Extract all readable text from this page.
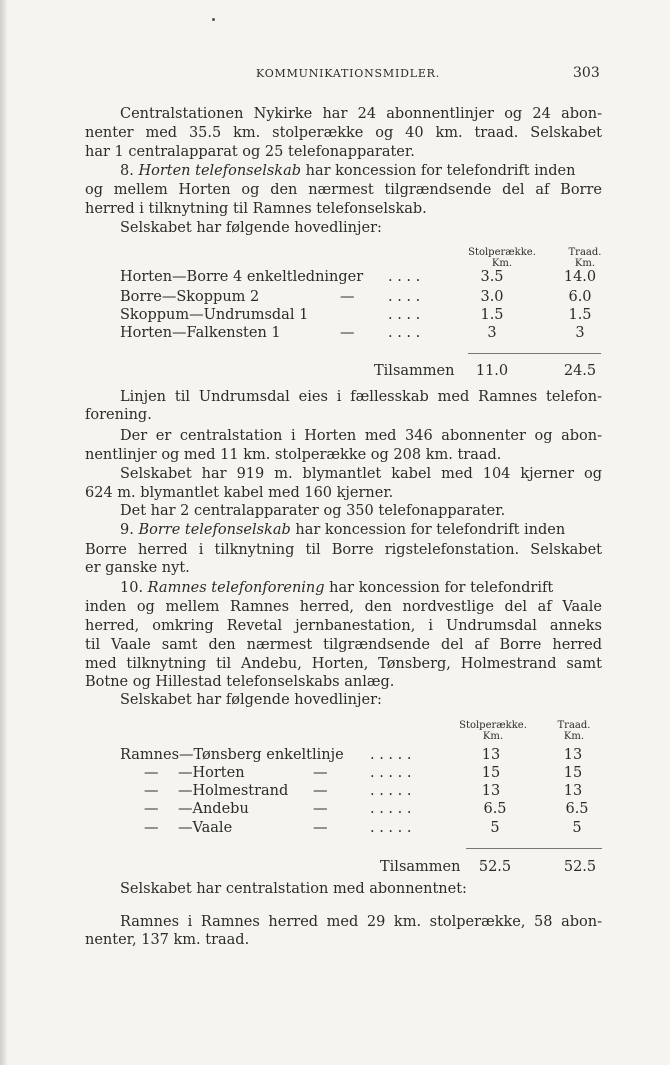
KOMMUNIKATIONSMIDLER.	303
Centralstationen Nykirke har 24 abonnentlinjer og 24 abon-
nenter med 35.5 km. stolperække og 40 km. traad. Selskabet
har 1 centralapparat og 25 telefonapparater.
8. Horten telefonselskab har koncession for telefondrift inden
og mellem Horten og den nærmest tilgrændsende del af Borre
herred i tilknytning til Ramnes telefonselskab.
Selskabet har følgende hovedlinjer:
Stolperække.
Km.
Traad.
Km.
Horten—Borre 4 enkeltledninger . . . .	3.5	14.0
Borre—Skoppum 2	— . . . .	3.0	6.0
Skoppum—Undrumsdal 1	. . . .	1.5	1.5
Horten—Falkensten 1	— . . . .	3	3
Tilsammen	11.0	24.5
Linjen til Undrumsdal eies i fællesskab med Ramnes telefon-
forening.
Der er centralstation i Horten med 346 abonnenter og abon-
nentlinjer og med 11 km. stolperække og 208 km. traad.
Selskabet har 919 m. blymantlet kabel med 104 kjerner og
624 m. blymantlet kabel med 160 kjerner.
Det har 2 centralapparater og 350 telefonapparater.
9. Borre telefonselskab har koncession for telefondrift inden
Borre herred i tilknytning til Borre rigstelefonstation. Selskabet
er ganske nyt.
10. Ramnes telefonforening har koncession for telefondrift
inden og mellem Ramnes herred, den nordvestlige del af Vaale
herred, omkring Revetal jernbanestation, i Undrumsdal anneks
til Vaale samt den nærmest tilgrændsende del af Borre herred
med tilknytning til Andebu, Horten, Tønsberg, Holmestrand samt
Botne og Hillestad telefonselskabs anlæg.
Selskabet har følgende hovedlinjer:
Stolperække.
Km.
Traad.
Km.
Ramnes—Tønsberg enkeltlinje . . . . .	13	13
— —Horten	—	. . . . .	15	15
— —Holmestrand —	. . . . .	13	13
— —Andebu	—	. . . . .	6.5	6.5
— —Vaale	—	. . . . .	5	5
Tilsammen	52.5	52.5
Selskabet har centralstation med abonnentnet:
Ramnes i Ramnes herred med 29 km. stolperække, 58 abon-
nenter, 137 km. traad.
